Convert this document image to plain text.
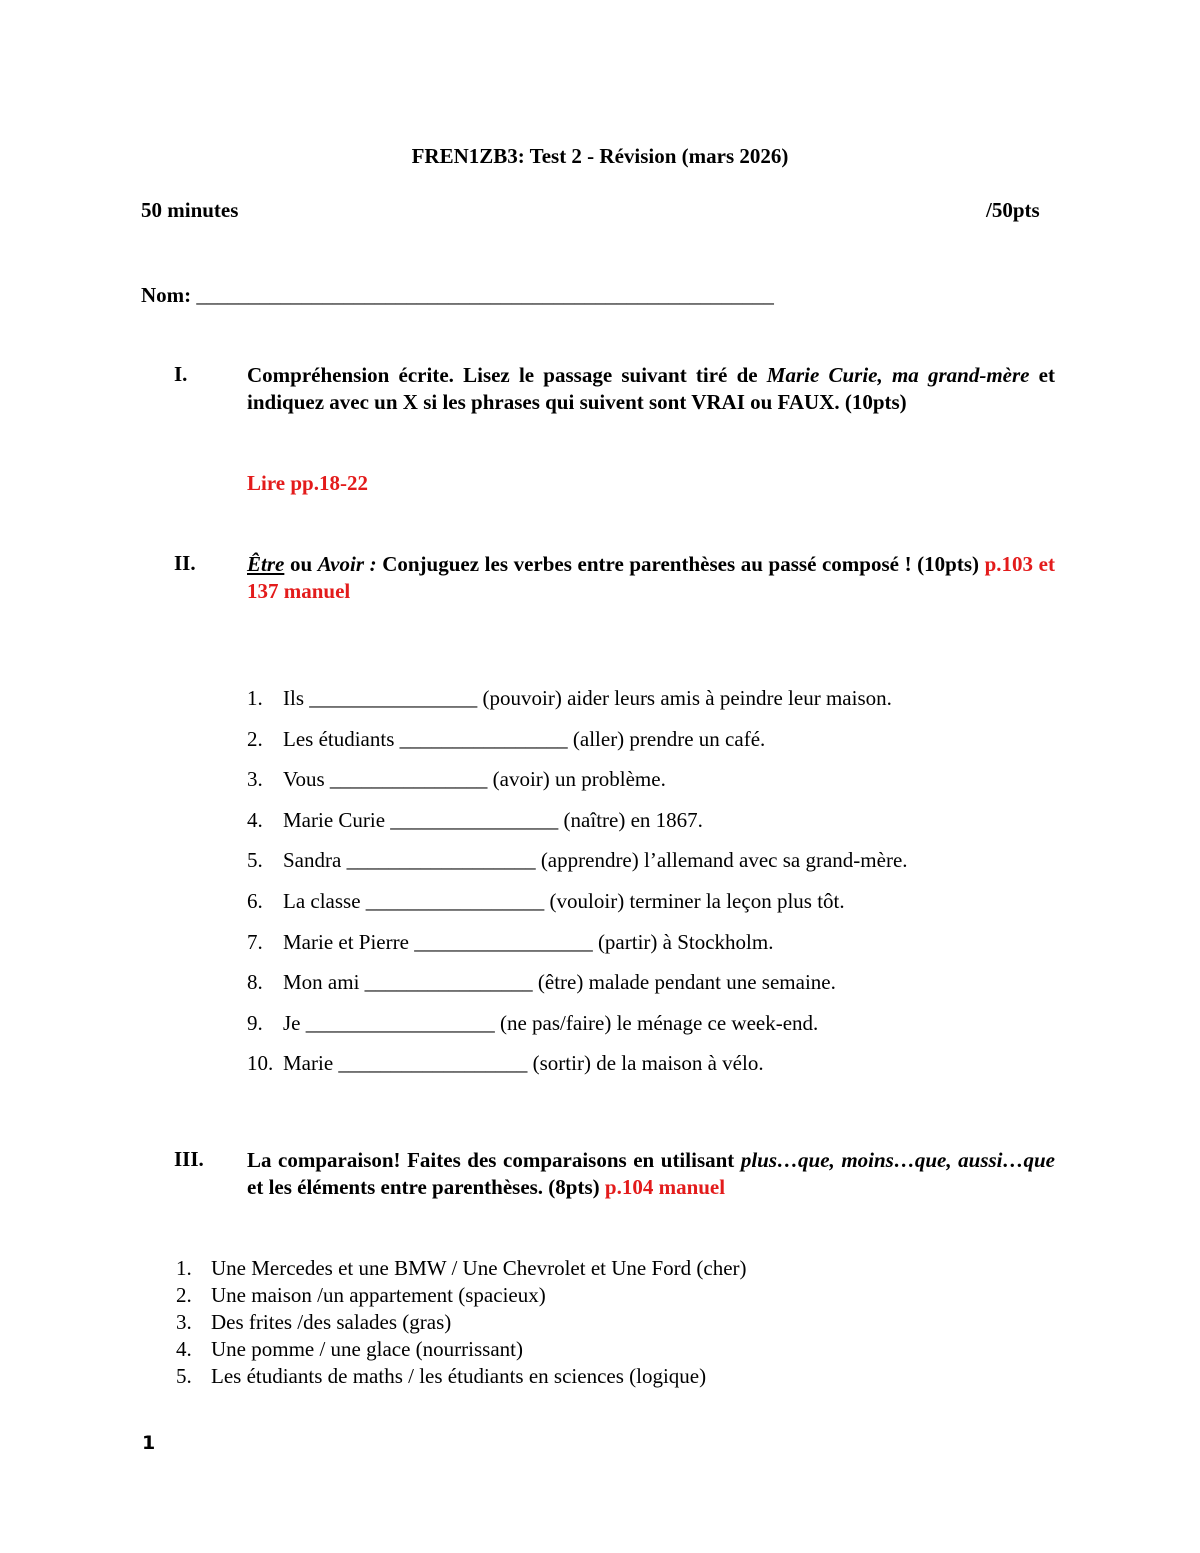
FREN1ZB3: Test 2 - Révision (mars 2026)
50 minutes	/50pts
Nom: _______________________________________________________
I.	Compréhension écrite. Lisez le passage suivant tiré de Marie Curie, ma grand-mère et indiquez avec un X si les phrases qui suivent sont VRAI ou FAUX. (10pts)
Lire pp.18-22
II. Être ou Avoir : Conjuguez les verbes entre parenthèses au passé composé ! (10pts) p.103 et 137 manuel
1. Ils ________________ (pouvoir) aider leurs amis à peindre leur maison.
2. Les étudiants ________________ (aller) prendre un café.
3. Vous _______________ (avoir) un problème.
4. Marie Curie ________________ (naître) en 1867.
5. Sandra __________________ (apprendre) l’allemand avec sa grand-mère.
6. La classe _________________ (vouloir) terminer la leçon plus tôt.
7. Marie et Pierre _________________ (partir) à Stockholm.
8. Mon ami ________________ (être) malade pendant une semaine.
9. Je __________________ (ne pas/faire) le ménage ce week-end.
10. Marie __________________ (sortir) de la maison à vélo.
III. La comparaison! Faites des comparaisons en utilisant plus…que, moins…que, aussi…que et les éléments entre parenthèses. (8pts) p.104 manuel
1. Une Mercedes et une BMW / Une Chevrolet et Une Ford (cher)
2. Une maison /un appartement (spacieux)
3. Des frites /des salades (gras)
4. Une pomme / une glace (nourrissant)
5. Les étudiants de maths / les étudiants en sciences (logique)
1
